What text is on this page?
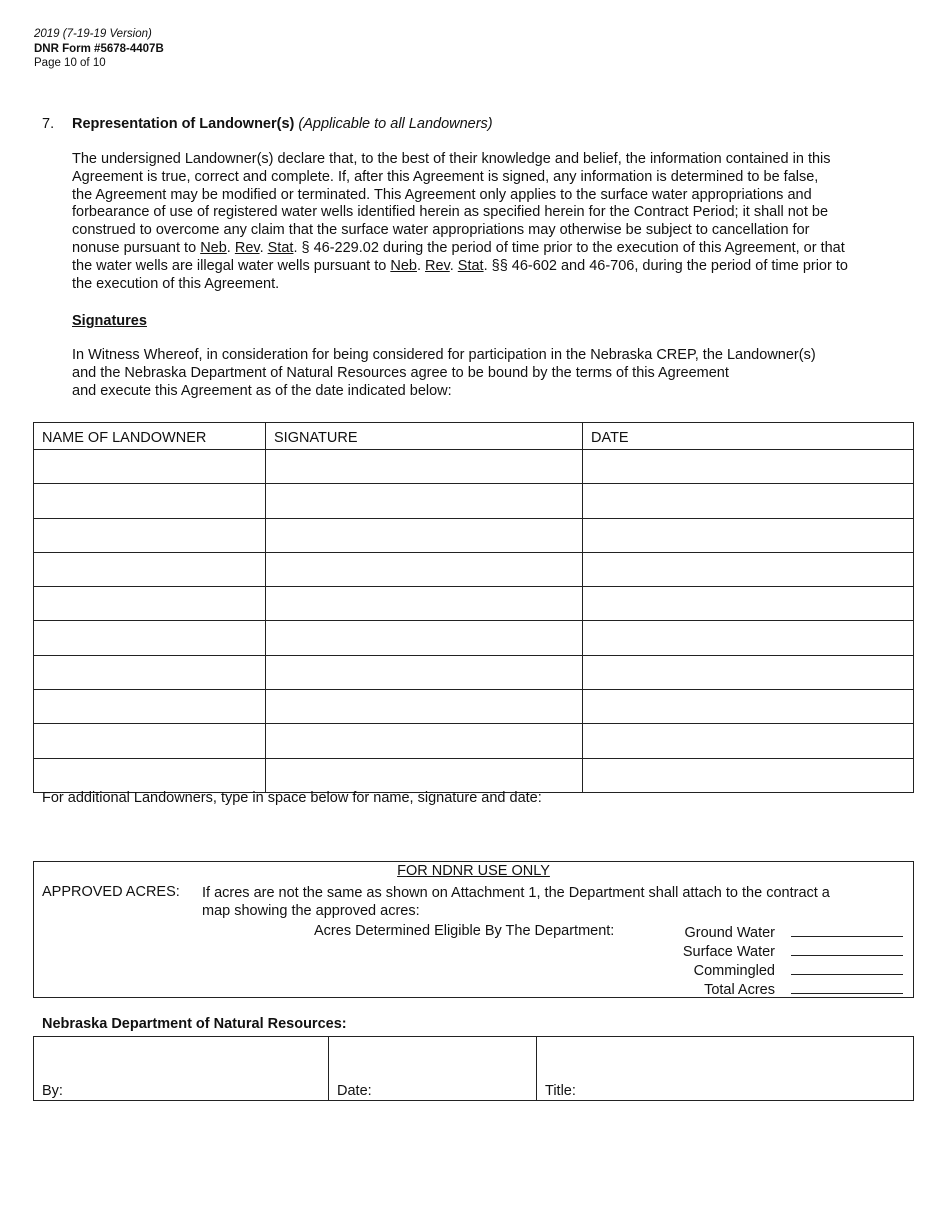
2019 (7-19-19 Version)
DNR Form #5678-4407B
Page 10 of 10
7. Representation of Landowner(s) (Applicable to all Landowners)
The undersigned Landowner(s) declare that, to the best of their knowledge and belief, the information contained in this
Agreement is true, correct and complete. If, after this Agreement is signed, any information is determined to be false,
the Agreement may be modified or terminated. This Agreement only applies to the surface water appropriations and
forbearance of use of registered water wells identified herein as specified herein for the Contract Period; it shall not be
construed to overcome any claim that the surface water appropriations may otherwise be subject to cancellation for
nonuse pursuant to Neb. Rev. Stat. § 46-229.02 during the period of time prior to the execution of this Agreement, or that
the water wells are illegal water wells pursuant to Neb. Rev. Stat. §§ 46-602 and 46-706, during the period of time prior to
the execution of this Agreement.
Signatures
In Witness Whereof, in consideration for being considered for participation in the Nebraska CREP, the Landowner(s)
and the Nebraska Department of Natural Resources agree to be bound by the terms of this Agreement
and execute this Agreement as of the date indicated below:
NAME OF LANDOWNER	SIGNATURE	DATE

For additional Landowners, type in space below for name, signature and date:
FOR NDNR USE ONLY
APPROVED ACRES: If acres are not the same as shown on Attachment 1, the Department shall attach to the contract a
map showing the approved acres:
Acres Determined Eligible By The Department:	Ground Water
Surface Water
Commingled
Total Acres
Nebraska Department of Natural Resources:
By:	Date:	Title:
